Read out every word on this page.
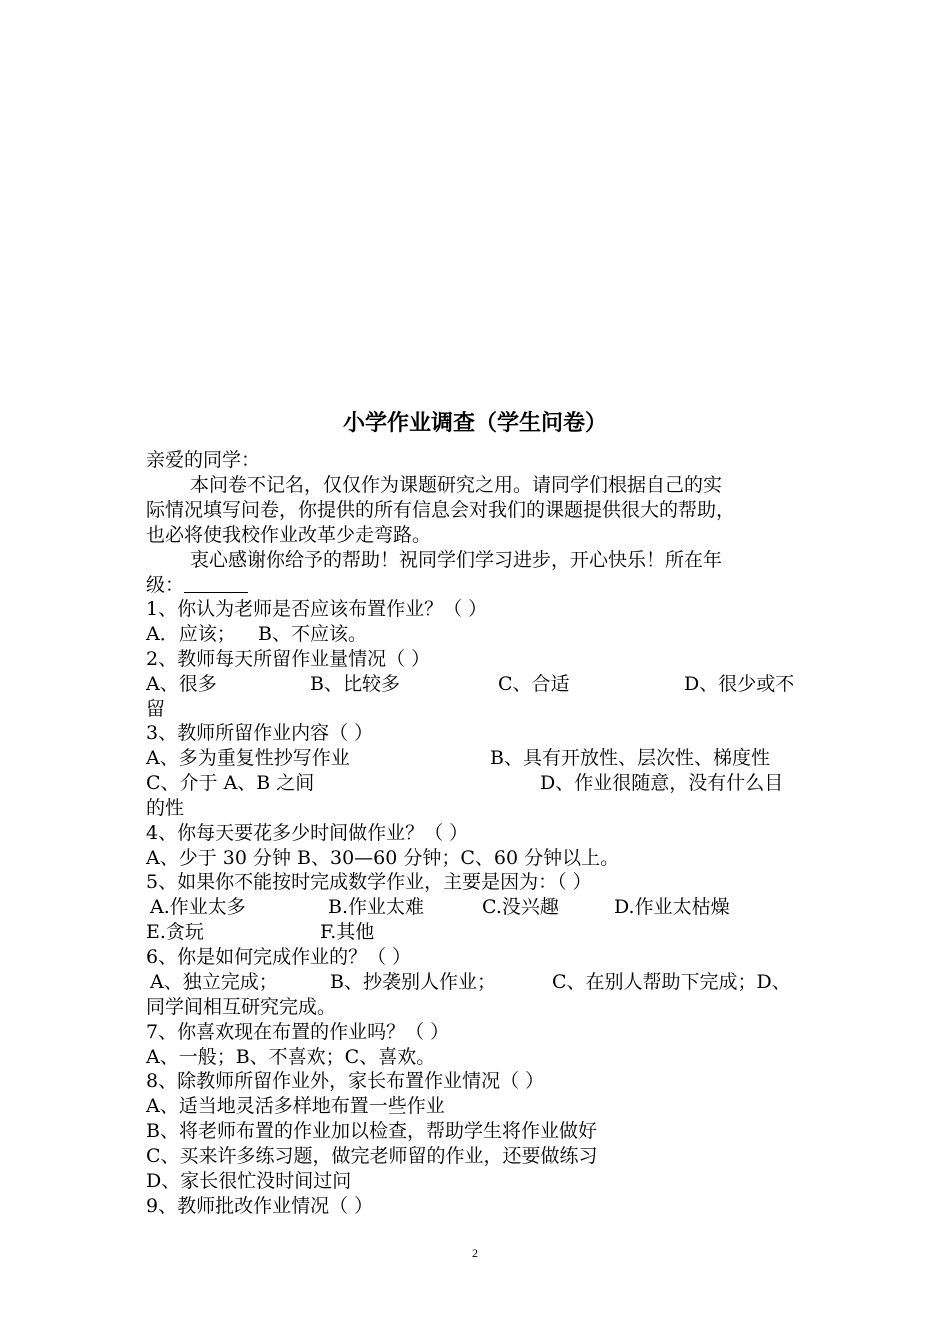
小学作业调查（学生问卷）
亲爱的同学：
本问卷不记名，仅仅作为课题研究之用。请同学们根据自己的实
际情况填写问卷，你提供的所有信息会对我们的课题提供很大的帮助，
也必将使我校作业改革少走弯路。
衷心感谢你给予的帮助！祝同学们学习进步，开心快乐！所在年
级：
1、你认为老师是否应该布置作业？（ ）
A．应该； B、不应该。
2、教师每天所留作业量情况（ ）
A、很多	B、比较多	C、合适	D、很少或不
留
3、教师所留作业内容（ ）
A、多为重复性抄写作业	B、具有开放性、层次性、梯度性
C、介于 A、B 之间	D、作业很随意，没有什么目
的性
4、你每天要花多少时间做作业？（ ）
A、少于 30 分钟 B、30—60 分钟；C、60 分钟以上。
5、如果你不能按时完成数学作业，主要是因为：（ ）
A.作业太多	B.作业太难	C.没兴趣	D.作业太枯燥
E.贪玩	F.其他
6、你是如何完成作业的？（ ）
A、独立完成；	B、抄袭别人作业；	C、在别人帮助下完成；D、
同学间相互研究完成。
7、你喜欢现在布置的作业吗？（ ）
A、一般；B、不喜欢；C、喜欢。
8、除教师所留作业外，家长布置作业情况（ ）
A、适当地灵活多样地布置一些作业
B、将老师布置的作业加以检查，帮助学生将作业做好
C、买来许多练习题，做完老师留的作业，还要做练习
D、家长很忙没时间过问
9、教师批改作业情况（ ）
2
